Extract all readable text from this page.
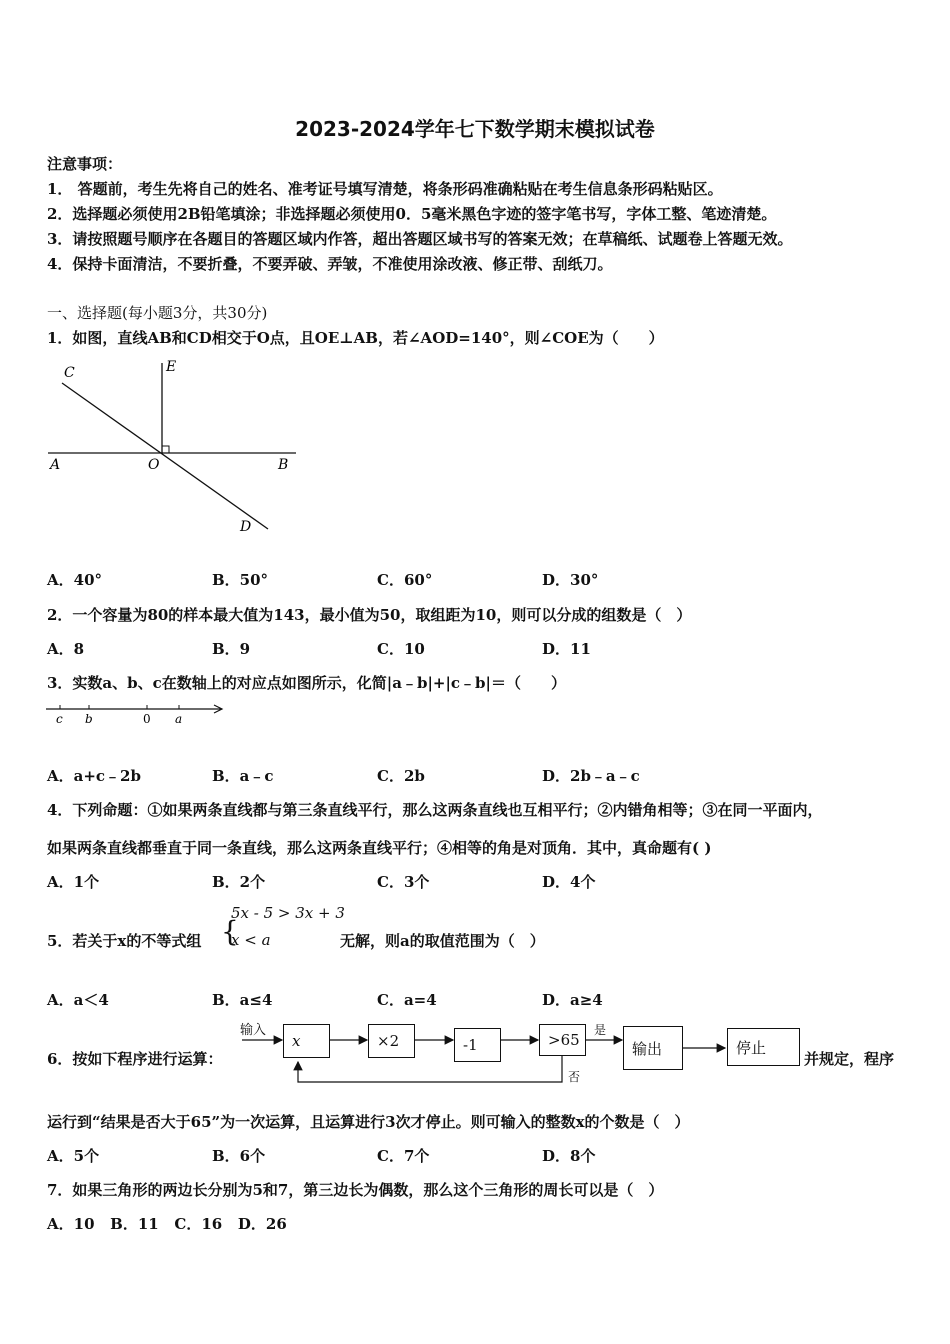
2023-2024学年七下数学期末模拟试卷
注意事项：
1． 答题前，考生先将自己的姓名、准考证号填写清楚，将条形码准确粘贴在考生信息条形码粘贴区。
2．选择题必须使用2B铅笔填涂；非选择题必须使用0．5毫米黑色字迹的签字笔书写，字体工整、笔迹清楚。
3．请按照题号顺序在各题目的答题区域内作答，超出答题区域书写的答案无效；在草稿纸、试题卷上答题无效。
4．保持卡面清洁，不要折叠，不要弄破、弄皱，不准使用涂改液、修正带、刮纸刀。
一、选择题(每小题3分，共30分)
1．如图，直线AB和CD相交于O点，且OE⊥AB，若∠AOD=140°，则∠COE为（　　）
C	E
A	O	B
D
A．40°	B．50°	C．60°	D．30°
2．一个容量为80的样本最大值为143，最小值为50，取组距为10，则可以分成的组数是（　）
A．8	B．9	C．10	D．11
3．实数a、b、c在数轴上的对应点如图所示，化简|a﹣b|+|c﹣b|＝（　　）
c b	0 a
A．a+c﹣2b	B．a﹣c	C．2b	D．2b﹣a﹣c
4．下列命题：①如果两条直线都与第三条直线平行，那么这两条直线也互相平行；②内错角相等；③在同一平面内，
如果两条直线都垂直于同一条直线，那么这两条直线平行；④相等的角是对顶角．其中，真命题有( )
A．1个	B．2个	C．3个	D．4个
5．若关于x的不等式组 {
5x - 5 > 3x + 3
x < a	无解，则a的取值范围为（　）
A．a＜4	B．a≤4	C．a=4	D．a≥4
6．按如下程序进行运算：
输入
x	×2	-1	>65
是
否
输出	停止
并规定，程序
运行到“结果是否大于65”为一次运算，且运算进行3次才停止。则可输入的整数x的个数是（　）
A．5个	B．6个	C．7个	D．8个
7．如果三角形的两边长分别为5和7，第三边长为偶数，那么这个三角形的周长可以是（　）
A．10   B．11   C．16   D．26
